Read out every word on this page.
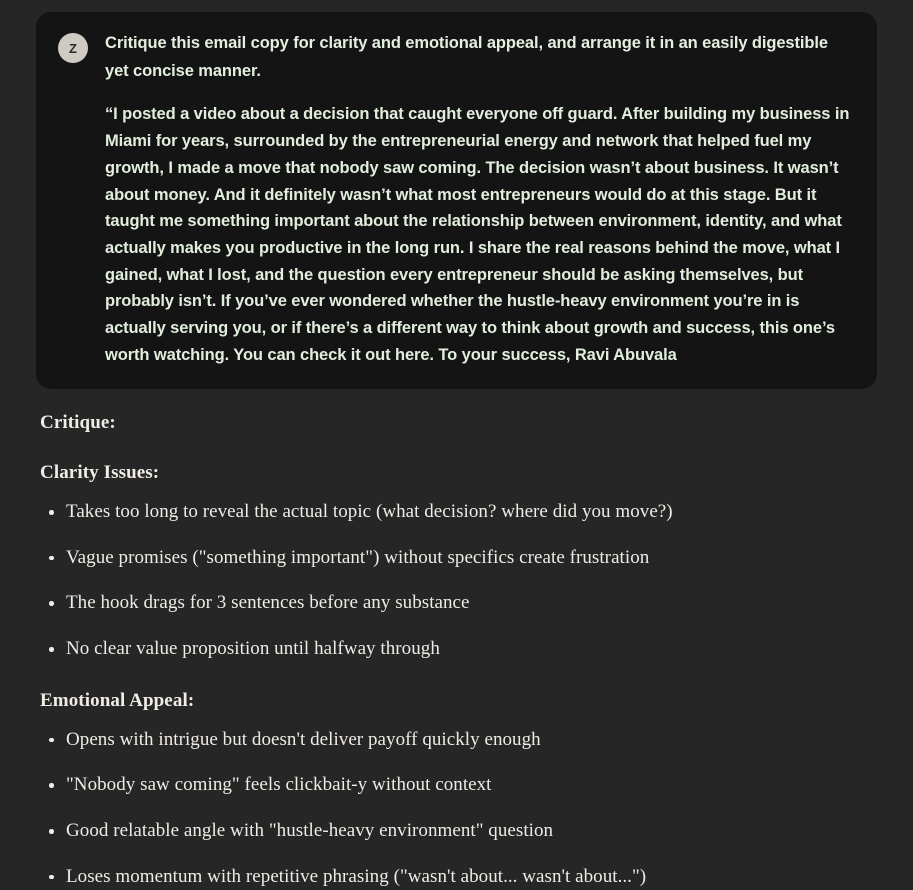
Z Critique this email copy for clarity and emotional appeal, and arrange it in an easily digestible yet concise manner.

“I posted a video about a decision that caught everyone off guard. After building my business in Miami for years, surrounded by the entrepreneurial energy and network that helped fuel my growth, I made a move that nobody saw coming. The decision wasn’t about business. It wasn’t about money. And it definitely wasn’t what most entrepreneurs would do at this stage. But it taught me something important about the relationship between environment, identity, and what actually makes you productive in the long run. I share the real reasons behind the move, what I gained, what I lost, and the question every entrepreneur should be asking themselves, but probably isn’t. If you’ve ever wondered whether the hustle-heavy environment you’re in is actually serving you, or if there’s a different way to think about growth and success, this one’s worth watching. You can check it out here. To your success, Ravi Abuvala

Critique:

Clarity Issues:

Takes too long to reveal the actual topic (what decision? where did you move?)
Vague promises ("something important") without specifics create frustration
The hook drags for 3 sentences before any substance
No clear value proposition until halfway through

Emotional Appeal:

Opens with intrigue but doesn't deliver payoff quickly enough
"Nobody saw coming" feels clickbait-y without context
Good relatable angle with "hustle-heavy environment" question
Loses momentum with repetitive phrasing ("wasn't about... wasn't about...")
